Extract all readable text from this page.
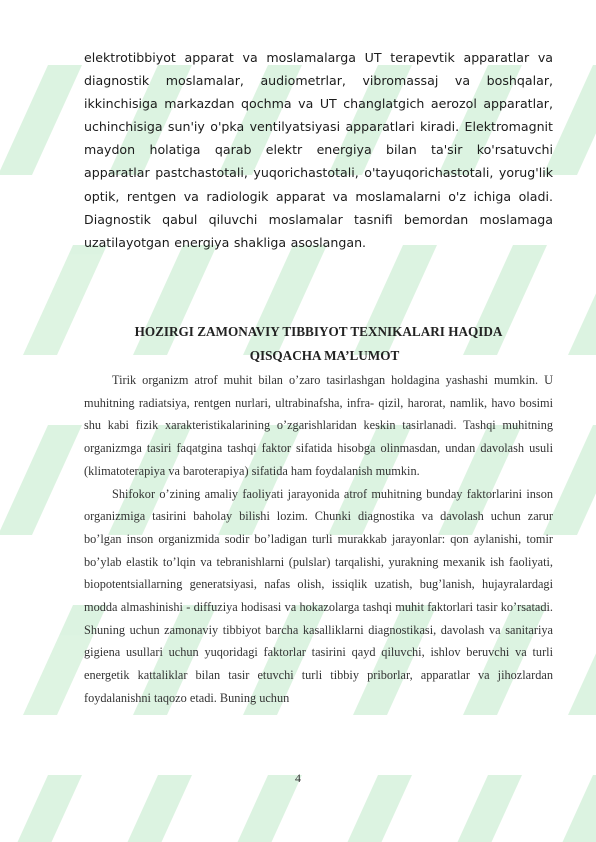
elektrotibbiyot apparat va moslamalarga UT terapevtik apparatlar va diagnostik moslamalar, audiometrlar, vibromassaj va boshqalar, ikkinchisiga markazdan qochma va UT changlatgich aerozol apparatlar, uchinchisiga sun'iy o'pka ventilyatsiyasi apparatlari kiradi. Elektromagnit maydon holatiga qarab elektr energiya bilan ta'sir ko'rsatuvchi apparatlar pastchastotali, yuqorichastotali, o'tayuqorichastotali, yorug'lik optik, rentgen va radiologik apparat va moslamalarni o'z ichiga oladi. Diagnostik qabul qiluvchi moslamalar tasnifi bemordan moslamaga uzatilayotgan energiya shakliga asoslangan.

HOZIRGI ZAMONAVIY TIBBIYOT TEXNIKALARI HAQIDA
QISQACHA MA’LUMOT

Tirik organizm atrof muhit bilan o’zaro tasirlashgan holdagina yashashi mumkin. U muhitning radiatsiya, rentgen nurlari, ultrabinafsha, infra- qizil, harorat, namlik, havo bosimi shu kabi fizik xarakteristikalarining o’zgarishlaridan keskin tasirlanadi. Tashqi muhitning organizmga tasiri faqatgina tashqi faktor sifatida hisobga olinmasdan, undan davolash usuli (klimatoterapiya va baroterapiya) sifatida ham foydalanish mumkin.

Shifokor o’zining amaliy faoliyati jarayonida atrof muhitning bunday faktorlarini inson organizmiga tasirini baholay bilishi lozim. Chunki diagnostika va davolash uchun zarur bo’lgan inson organizmida sodir bo’ladigan turli murakkab jarayonlar: qon aylanishi, tomir bo’ylab elastik to’lqin va tebranishlarni (pulslar) tarqalishi, yurakning mexanik ish faoliyati, biopotentsiallarning generatsiyasi, nafas olish, issiqlik uzatish, bug’lanish, hujayralardagi modda almashinishi - diffuziya hodisasi va hokazolarga tashqi muhit faktorlari tasir ko’rsatadi. Shuning uchun zamonaviy tibbiyot barcha kasalliklarni diagnostikasi, davolash va sanitariya gigiena usullari uchun yuqoridagi faktorlar tasirini qayd qiluvchi, ishlov beruvchi va turli energetik kattaliklar bilan tasir etuvchi turli tibbiy priborlar, apparatlar va jihozlardan foydalanishni taqozo etadi. Buning uchun

4
